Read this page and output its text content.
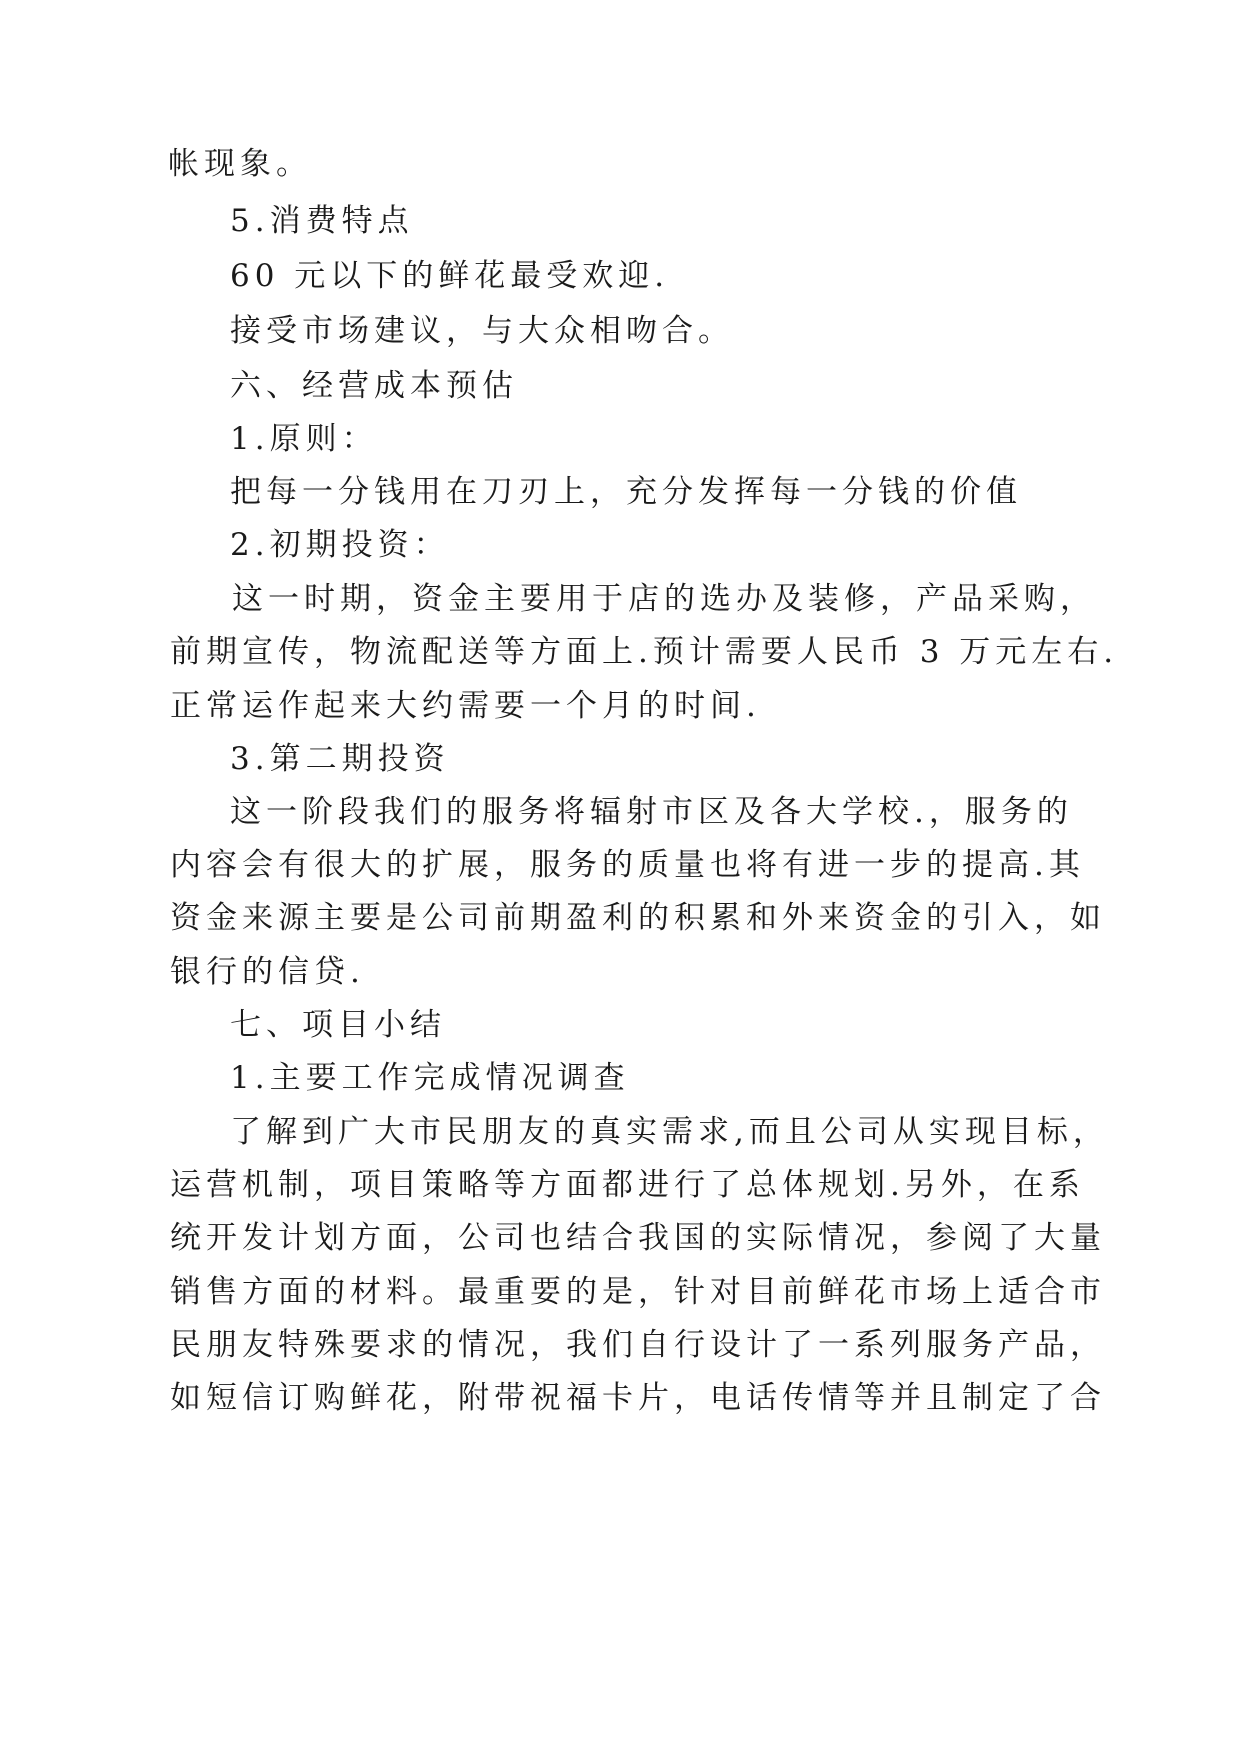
帐现象。
5.消费特点
60 元以下的鲜花最受欢迎.
接受市场建议，与大众相吻合。
六、经营成本预估
1.原则：
把每一分钱用在刀刃上，充分发挥每一分钱的价值
2.初期投资：
这一时期，资金主要用于店的选办及装修，产品采购，
前期宣传，物流配送等方面上.预计需要人民币 3 万元左右.
正常运作起来大约需要一个月的时间.
3.第二期投资
这一阶段我们的服务将辐射市区及各大学校.，服务的
内容会有很大的扩展，服务的质量也将有进一步的提高.其
资金来源主要是公司前期盈利的积累和外来资金的引入，如
银行的信贷.
七、项目小结
1.主要工作完成情况调查
了解到广大市民朋友的真实需求,而且公司从实现目标，
运营机制，项目策略等方面都进行了总体规划.另外，在系
统开发计划方面，公司也结合我国的实际情况，参阅了大量
销售方面的材料。最重要的是，针对目前鲜花市场上适合市
民朋友特殊要求的情况，我们自行设计了一系列服务产品，
如短信订购鲜花，附带祝福卡片，电话传情等并且制定了合
